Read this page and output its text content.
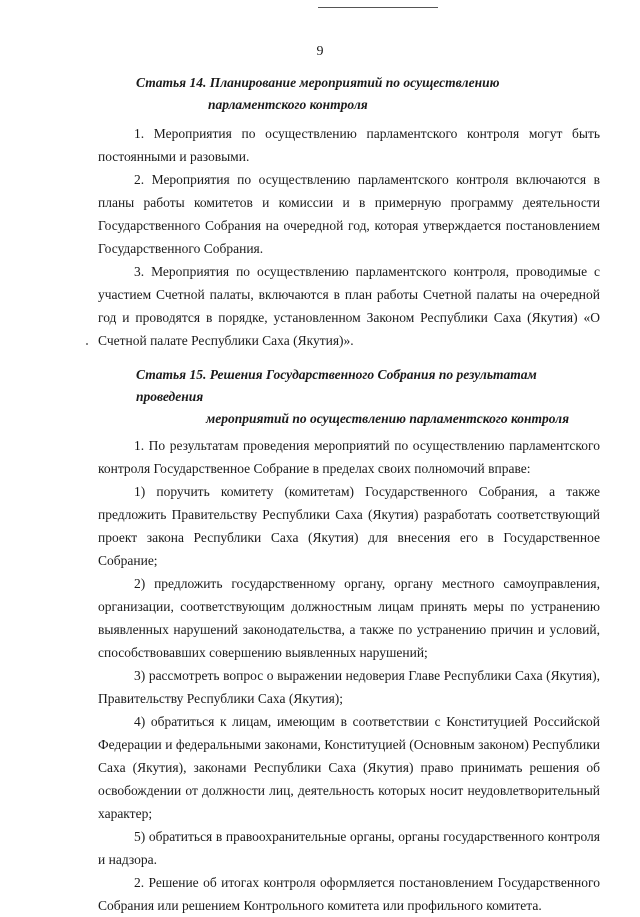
9
Статья 14. Планирование мероприятий по осуществлению
парламентского контроля

1. Мероприятия по осуществлению парламентского контроля могут быть постоянными и разовыми.

2. Мероприятия по осуществлению парламентского контроля включаются в планы работы комитетов и комиссии и в примерную программу деятельности Государственного Собрания на очередной год, которая утверждается постановлением Государственного Собрания.

3. Мероприятия по осуществлению парламентского контроля, проводимые с участием Счетной палаты, включаются в план работы Счетной палаты на очередной год и проводятся в порядке, установленном Законом Республики Саха (Якутия) «О Счетной палате Республики Саха (Якутия)».

Статья 15. Решения Государственного Собрания по результатам проведения
мероприятий по осуществлению парламентского контроля

1. По результатам проведения мероприятий по осуществлению парламентского контроля Государственное Собрание в пределах своих полномочий вправе:

1) поручить комитету (комитетам) Государственного Собрания, а также предложить Правительству Республики Саха (Якутия) разработать соответствующий проект закона Республики Саха (Якутия) для внесения его в Государственное Собрание;

2) предложить государственному органу, органу местного самоуправления, организации, соответствующим должностным лицам принять меры по устранению выявленных нарушений законодательства, а также по устранению причин и условий, способствовавших совершению выявленных нарушений;

3) рассмотреть вопрос о выражении недоверия Главе Республики Саха (Якутия), Правительству Республики Саха (Якутия);

4) обратиться к лицам, имеющим в соответствии с Конституцией Российской Федерации и федеральными законами, Конституцией (Основным законом) Республики Саха (Якутия), законами Республики Саха (Якутия) право принимать решения об освобождении от должности лиц, деятельность которых носит неудовлетворительный характер;

5) обратиться в правоохранительные органы, органы государственного контроля и надзора.

2. Решение об итогах контроля оформляется постановлением Государственного Собрания или решением Контрольного комитета или профильного комитета.
